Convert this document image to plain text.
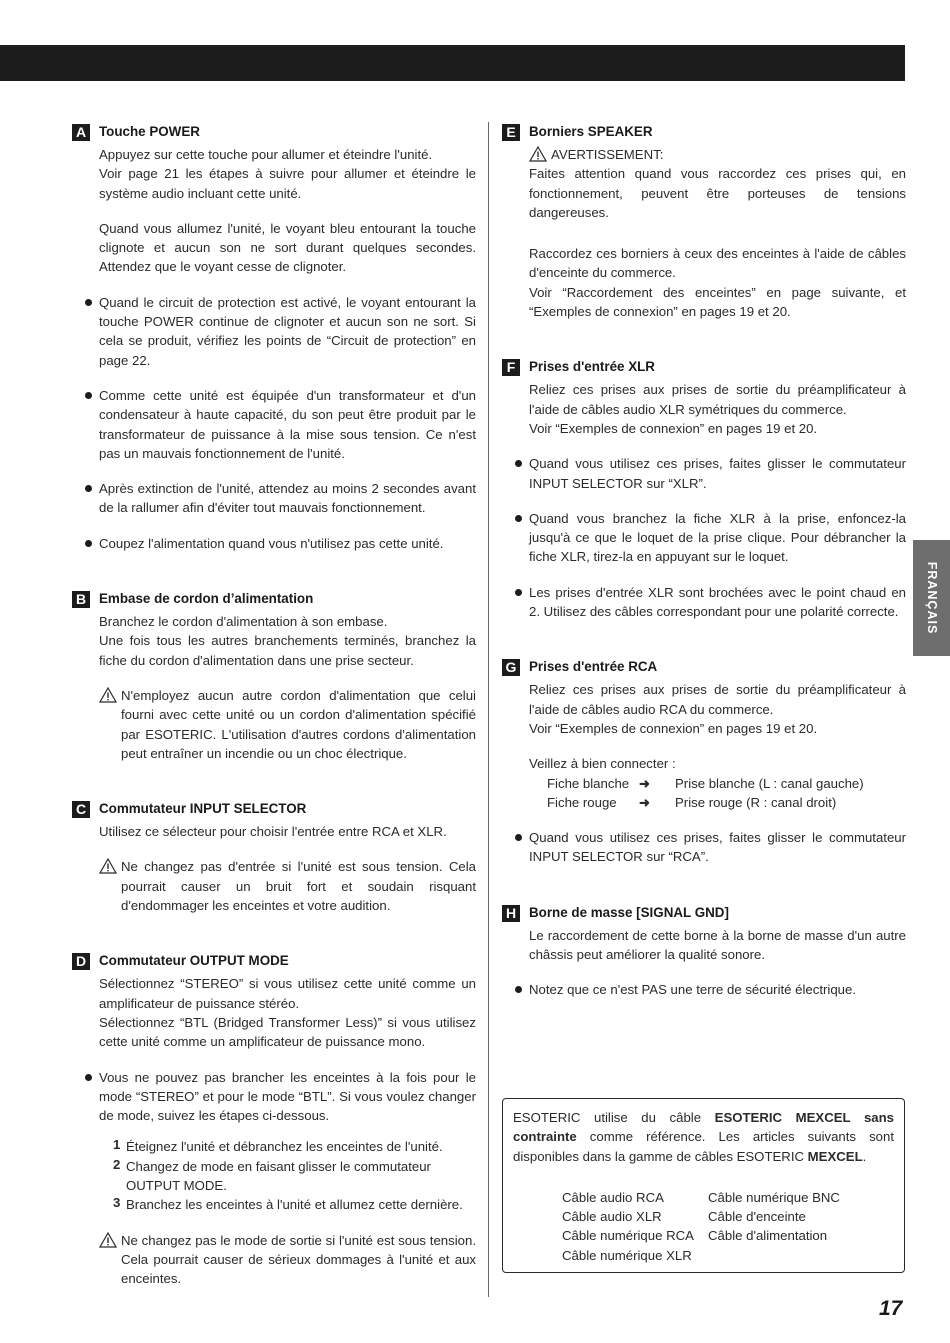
A Touche POWER

Appuyez sur cette touche pour allumer et éteindre l'unité.

Voir page 21 les étapes à suivre pour allumer et éteindre le système audio incluant cette unité.

Quand vous allumez l'unité, le voyant bleu entourant la touche clignote et aucun son ne sort durant quelques secondes. Attendez que le voyant cesse de clignoter.

Quand le circuit de protection est activé, le voyant entourant la touche POWER continue de clignoter et aucun son ne sort. Si cela se produit, vérifiez les points de “Circuit de protection” en page 22.

Comme cette unité est équipée d'un transformateur et d'un condensateur à haute capacité, du son peut être produit par le transformateur de puissance à la mise sous tension. Ce n'est pas un mauvais fonctionnement de l'unité.

Après extinction de l'unité, attendez au moins 2 secondes avant de la rallumer afin d'éviter tout mauvais fonctionnement.

Coupez l'alimentation quand vous n'utilisez pas cette unité.

B Embase de cordon d’alimentation

Branchez le cordon d'alimentation à son embase.

Une fois tous les autres branchements terminés, branchez la fiche du cordon d'alimentation dans une prise secteur.

N'employez aucun autre cordon d'alimentation que celui fourni avec cette unité ou un cordon d'alimentation spécifié par ESOTERIC. L'utilisation d'autres cordons d'alimentation peut entraîner un incendie ou un choc électrique.

C Commutateur INPUT SELECTOR

Utilisez ce sélecteur pour choisir l'entrée entre RCA et XLR.

Ne changez pas d'entrée si l'unité est sous tension. Cela pourrait causer un bruit fort et soudain risquant d'endommager les enceintes et votre audition.

D Commutateur OUTPUT MODE

Sélectionnez “STEREO” si vous utilisez cette unité comme un amplificateur de puissance stéréo.

Sélectionnez “BTL (Bridged Transformer Less)” si vous utilisez cette unité comme un amplificateur de puissance mono.

Vous ne pouvez pas brancher les enceintes à la fois pour le mode “STEREO” et pour le mode “BTL”. Si vous voulez changer de mode, suivez les étapes ci-dessous.

1 Éteignez l'unité et débranchez les enceintes de l'unité.

2 Changez de mode en faisant glisser le commutateur OUTPUT MODE.

3 Branchez les enceintes à l'unité et allumez cette dernière.

Ne changez pas le mode de sortie si l'unité est sous tension. Cela pourrait causer de sérieux dommages à l'unité et aux enceintes.

E Borniers SPEAKER

AVERTISSEMENT:

Faites attention quand vous raccordez ces prises qui, en fonctionnement, peuvent être porteuses de tensions dangereuses.

Raccordez ces borniers à ceux des enceintes à l'aide de câbles d'enceinte du commerce.

Voir “Raccordement des enceintes” en page suivante, et “Exemples de connexion” en pages 19 et 20.

F	Prises d'entrée XLR

Reliez ces prises aux prises de sortie du préamplificateur à l'aide de câbles audio XLR symétriques du commerce.

Voir “Exemples de connexion” en pages 19 et 20.

Quand vous utilisez ces prises, faites glisser le commutateur INPUT SELECTOR sur “XLR”.

Quand vous branchez la fiche XLR à la prise, enfoncez-la jusqu'à ce que le loquet de la prise clique. Pour débrancher la fiche XLR, tirez-la en appuyant sur le loquet.

Les prises d'entrée XLR sont brochées avec le point chaud en 2. Utilisez des câbles correspondant pour une polarité correcte.

G Prises d'entrée RCA

Reliez ces prises aux prises de sortie du préamplificateur à l'aide de câbles audio RCA du commerce.

Voir “Exemples de connexion” en pages 19 et 20.

Veillez à bien connecter :

Fiche blanche ➜	Prise blanche (L : canal gauche)
Fiche rouge	➜	Prise rouge (R : canal droit)

Quand vous utilisez ces prises, faites glisser le commutateur INPUT SELECTOR sur “RCA”.

H Borne de masse [SIGNAL GND]

Le raccordement de cette borne à la borne de masse d'un autre châssis peut améliorer la qualité sonore.

Notez que ce n'est PAS une terre de sécurité électrique.

ESOTERIC utilise du câble ESOTERIC MEXCEL sans contrainte comme référence. Les articles suivants sont disponibles dans la gamme de câbles ESOTERIC MEXCEL.

Câble audio RCA	Câble numérique BNC
Câble audio XLR	Câble d'enceinte
Câble numérique RCA	Câble d'alimentation
Câble numérique XLR
FRANÇAIS
17
